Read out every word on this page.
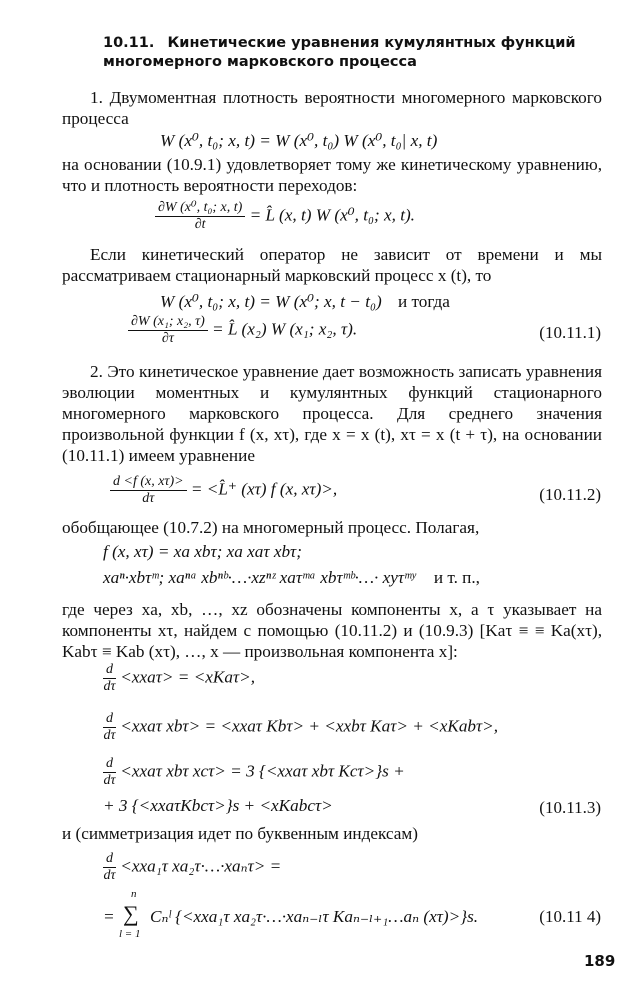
10.11. Кинетические уравнения кумулянтных функций многомерного марковского процесса
1. Двумоментная плотность вероятности многомерного марковского процесса
W (x⁰, t₀; x, t) = W (x⁰, t₀) W (x⁰, t₀| x, t)
на основании (10.9.1) удовлетворяет тому же кинетическому уравнению, что и плотность вероятности переходов:
$\frac{\text{∂W (x⁰, t₀; x, t)}}{\partial t}$ = L̂ (x, t) W (x⁰, t₀; x, t).
Если кинетический оператор не зависит от времени и мы рассматриваем стационарный марковский процесс x (t), то
W (x⁰, t₀; x, t) = W (x⁰; x, t − t₀) и тогда
$\frac{\text{∂W (x₁; x₂, τ)}}{\partial\tau}$ = L̂ (x₂) W (x₁; x₂, τ).	(10.11.1)
2. Это кинетическое уравнение дает возможность записать уравнения эволюции моментных и кумулянтных функций стационарного многомерного марковского процесса. Для среднего значения произвольной функции f (x, xτ), где x = x (t), xτ = x (t + τ), на основании (10.11.1) имеем уравнение
$\frac{d <f (x, x\tau)>}{d\tau}$ = <L̂⁺ (xτ) f (x, xτ)>,	(10.11.2)
обобщающее (10.7.2) на многомерный процесс. Полагая,
f (x, xτ) = xa xbτ; xa xaτ xbτ;
xaⁿ·xbτᵐ; xaⁿᵃ xbⁿᵇ·…·xzⁿᶻ xaτᵐᵃ xbτᵐᵇ·…· xyτᵐʸ и т. п.,
где через xa, xb, …, xz обозначены компоненты x, а τ указывает на компоненты xτ, найдем с помощью (10.11.2) и (10.9.3) [Kaτ ≡ ≡ Ka(xτ), Kabτ ≡ Kab (xτ), …, x — произвольная компонента x]:
$\frac{d}{d\tau} <xxa\tau> = <xKa\tau>$,
$\frac{d}{d\tau} <xxa\tau$ xbτ> = <xxaτ Kbτ> + <xxbτ Kaτ> + <xKabτ>,
$\frac{d}{d\tau} <xxa\tau$ xbτ xcτ> = 3 {<xxaτ xbτ Kcτ>}s +
+ 3 {<xxaτKbcτ>}s + <xKabcτ>	(10.11.3)
и (симметризация идет по буквенным индексам)
$\frac{d}{d\tau} <xxa_1\tau$ xa₂τ·…·xaₙτ> =
=
n
∑
l = 1
Cₙˡ {<xxa₁τ xa₂τ·…·xaₙ₋ₗτ Kaₙ₋ₗ₊₁…aₙ (xτ)>}s.	(10.11 4)
189
